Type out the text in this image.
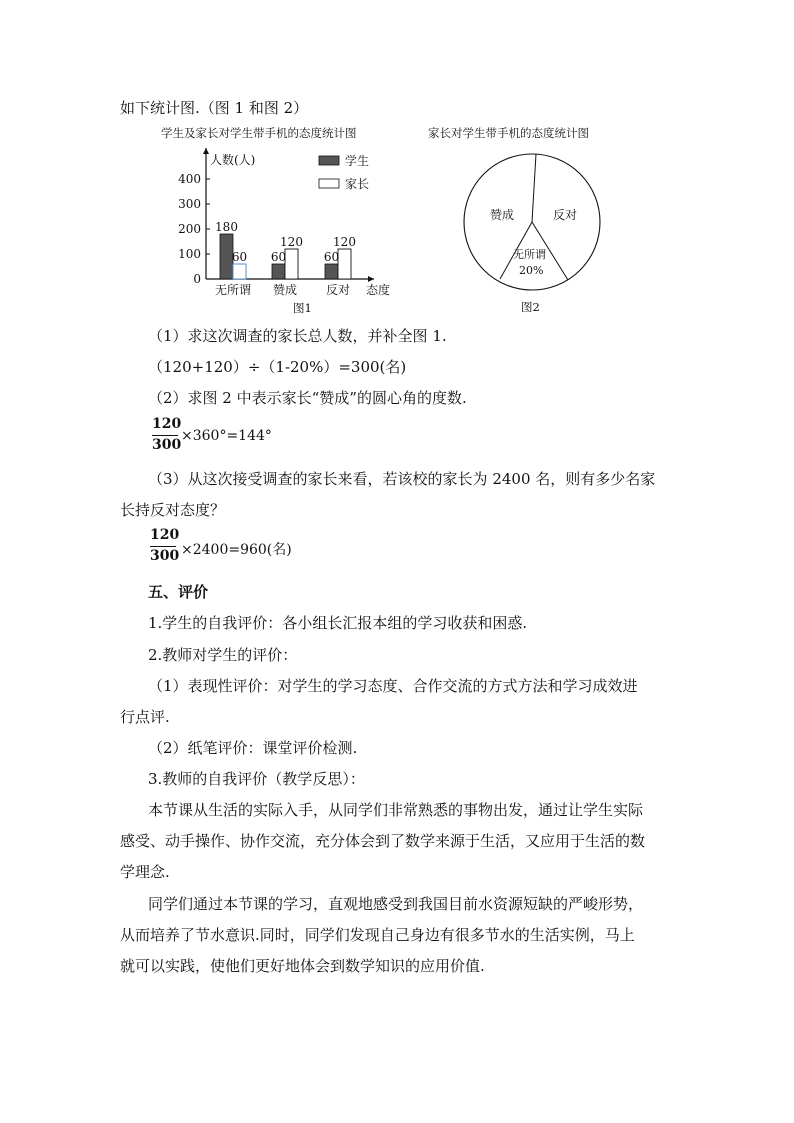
如下统计图.（图 1 和图 2）
学生及家长对学生带手机的态度统计图	家长对学生带手机的态度统计图
人数(人)
态度
0
100
200
300
400
180
60
无所谓
60
120
赞成
60
120
反对
学生
家长
图1
赞成	反对
无所谓
20%
图2
（1）求这次调查的家长总人数，并补全图 1.
（120+120）÷（1-20%）=300(名)
（2）求图 2 中表示家长“赞成”的圆心角的度数.
120
300
×360°=144°
（3）从这次接受调查的家长来看，若该校的家长为 2400 名，则有多少名家
长持反对态度？
120
300 ×2400=960(名)
五、评价
1.学生的自我评价：各小组长汇报本组的学习收获和困惑.
2.教师对学生的评价：
（1）表现性评价：对学生的学习态度、合作交流的方式方法和学习成效进
行点评.
（2）纸笔评价：课堂评价检测.
3.教师的自我评价（教学反思）：
本节课从生活的实际入手，从同学们非常熟悉的事物出发，通过让学生实际
感受、动手操作、协作交流，充分体会到了数学来源于生活，又应用于生活的数
学理念.
同学们通过本节课的学习，直观地感受到我国目前水资源短缺的严峻形势，
从而培养了节水意识.同时，同学们发现自己身边有很多节水的生活实例，马上
就可以实践，使他们更好地体会到数学知识的应用价值.
